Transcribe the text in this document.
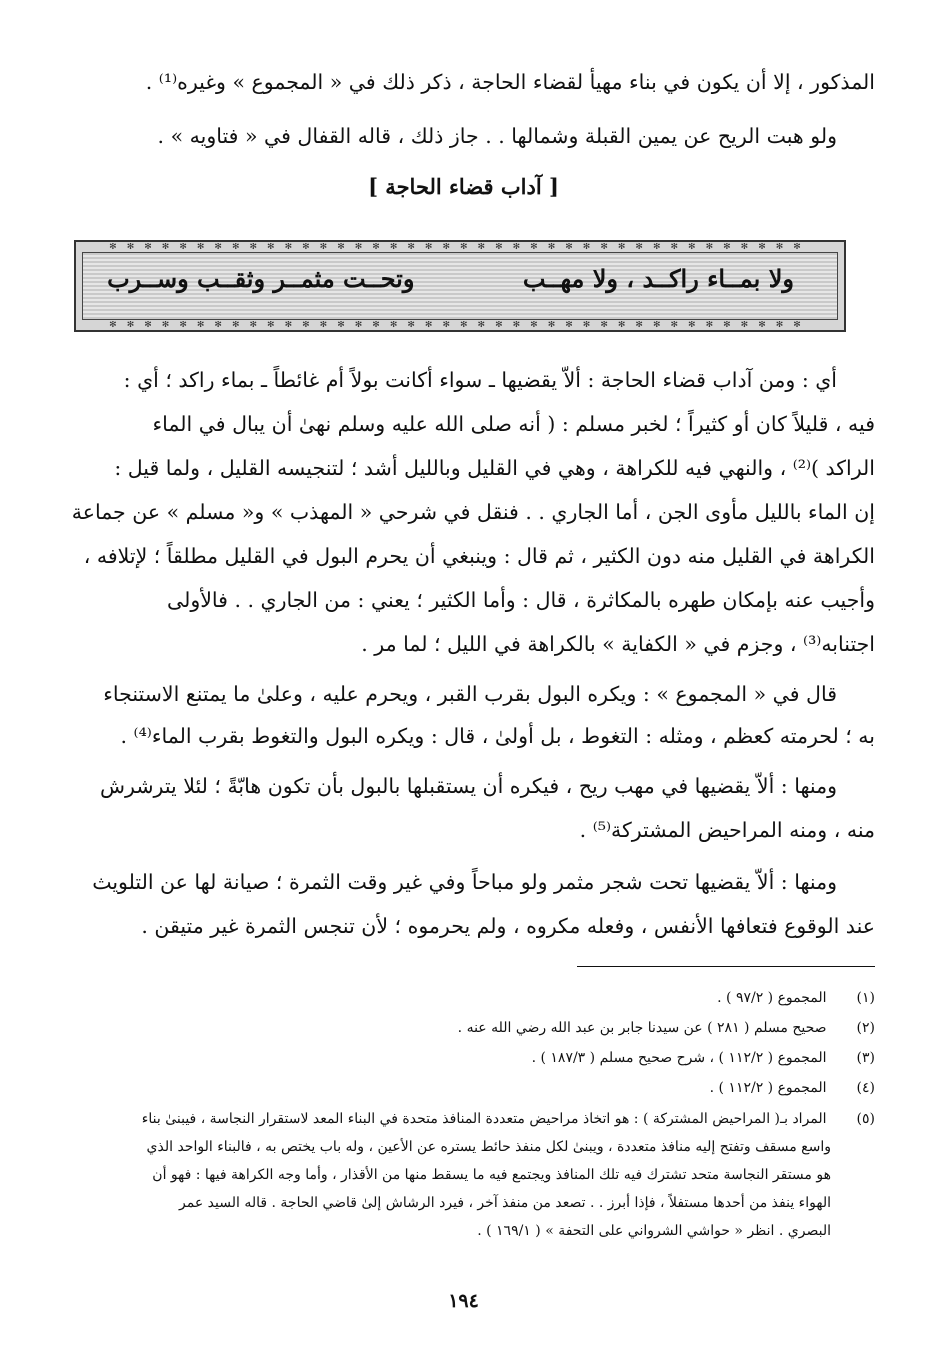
المذكور ، إلا أن يكون في بناء مهيأ لقضاء الحاجة ، ذكر ذلك في « المجموع » وغيره⁽¹⁾ .
ولو هبت الريح عن يمين القبلة وشمالها . . جاز ذلك ، قاله القفال في « فتاويه » .
[ آداب قضاء الحاجة ]
✻✻✻✻✻✻✻✻✻✻✻✻✻✻✻✻✻✻✻✻✻✻✻✻✻✻✻✻✻✻✻✻✻✻✻✻✻✻✻✻
✻✻✻✻✻✻✻✻✻✻✻✻✻✻✻✻✻✻✻✻✻✻✻✻✻✻✻✻✻✻✻✻✻✻✻✻✻✻✻✻
ولا بمــاء راكــد ، ولا مهــب وتحــت مثمــر وثقــب وســرب
أي : ومن آداب قضاء الحاجة : ألاّ يقضيها ـ سواء أكانت بولاً أم غائطاً ـ بماء راكد ؛ أي :
فيه ، قليلاً كان أو كثيراً ؛ لخبر مسلم : ( أنه صلى الله عليه وسلم نهىٰ أن يبال في الماء
الراكد )⁽²⁾ ، والنهي فيه للكراهة ، وهي في القليل وبالليل أشد ؛ لتنجيسه القليل ، ولما قيل :
إن الماء بالليل مأوى الجن ، أما الجاري . . فنقل في شرحي « المهذب » و« مسلم » عن جماعة
الكراهة في القليل منه دون الكثير ، ثم قال : وينبغي أن يحرم البول في القليل مطلقاً ؛ لإتلافه ،
وأجيب عنه بإمكان طهره بالمكاثرة ، قال : وأما الكثير ؛ يعني : من الجاري . . فالأولى
اجتنابه⁽³⁾ ، وجزم في « الكفاية » بالكراهة في الليل ؛ لما مر .
قال في « المجموع » : ويكره البول بقرب القبر ، ويحرم عليه ، وعلىٰ ما يمتنع الاستنجاء
به ؛ لحرمته كعظم ، ومثله : التغوط ، بل أولىٰ ، قال : ويكره البول والتغوط بقرب الماء⁽⁴⁾ .
ومنها : ألاّ يقضيها في مهب ريح ، فيكره أن يستقبلها بالبول بأن تكون هابّةً ؛ لئلا يترشرش
منه ، ومنه المراحيض المشتركة⁽⁵⁾ .
ومنها : ألاّ يقضيها تحت شجر مثمر ولو مباحاً وفي غير وقت الثمرة ؛ صيانة لها عن التلويث
عند الوقوع فتعافها الأنفس ، وفعله مكروه ، ولم يحرموه ؛ لأن تنجس الثمرة غير متيقن .
(١) المجموع ( ٩٧/٢ ) .
(٢) صحيح مسلم ( ٢٨١ ) عن سيدنا جابر بن عبد الله رضي الله عنه .
(٣) المجموع ( ١١٢/٢ ) ، شرح صحيح مسلم ( ١٨٧/٣ ) .
(٤) المجموع ( ١١٢/٢ ) .
(٥) المراد بـ( المراحيض المشتركة ) : هو اتخاذ مراحيض متعددة المنافذ متحدة في البناء المعد لاستقرار النجاسة ، فيبنىٰ بناء
واسع مسقف وتفتح إليه منافذ متعددة ، ويبنىٰ لكل منفذ حائط يستره عن الأعين ، وله باب يختص به ، فالبناء الواحد الذي
هو مستقر النجاسة متحد تشترك فيه تلك المنافذ ويجتمع فيه ما يسقط منها من الأقذار ، وأما وجه الكراهة فيها : فهو أن
الهواء ينفذ من أحدها مستفلاً ، فإذا أبرز . . تصعد من منفذ آخر ، فيرد الرشاش إلىٰ قاضي الحاجة . قاله السيد عمر
البصري . انظر « حواشي الشرواني على التحفة » ( ١٦٩/١ ) .
١٩٤
